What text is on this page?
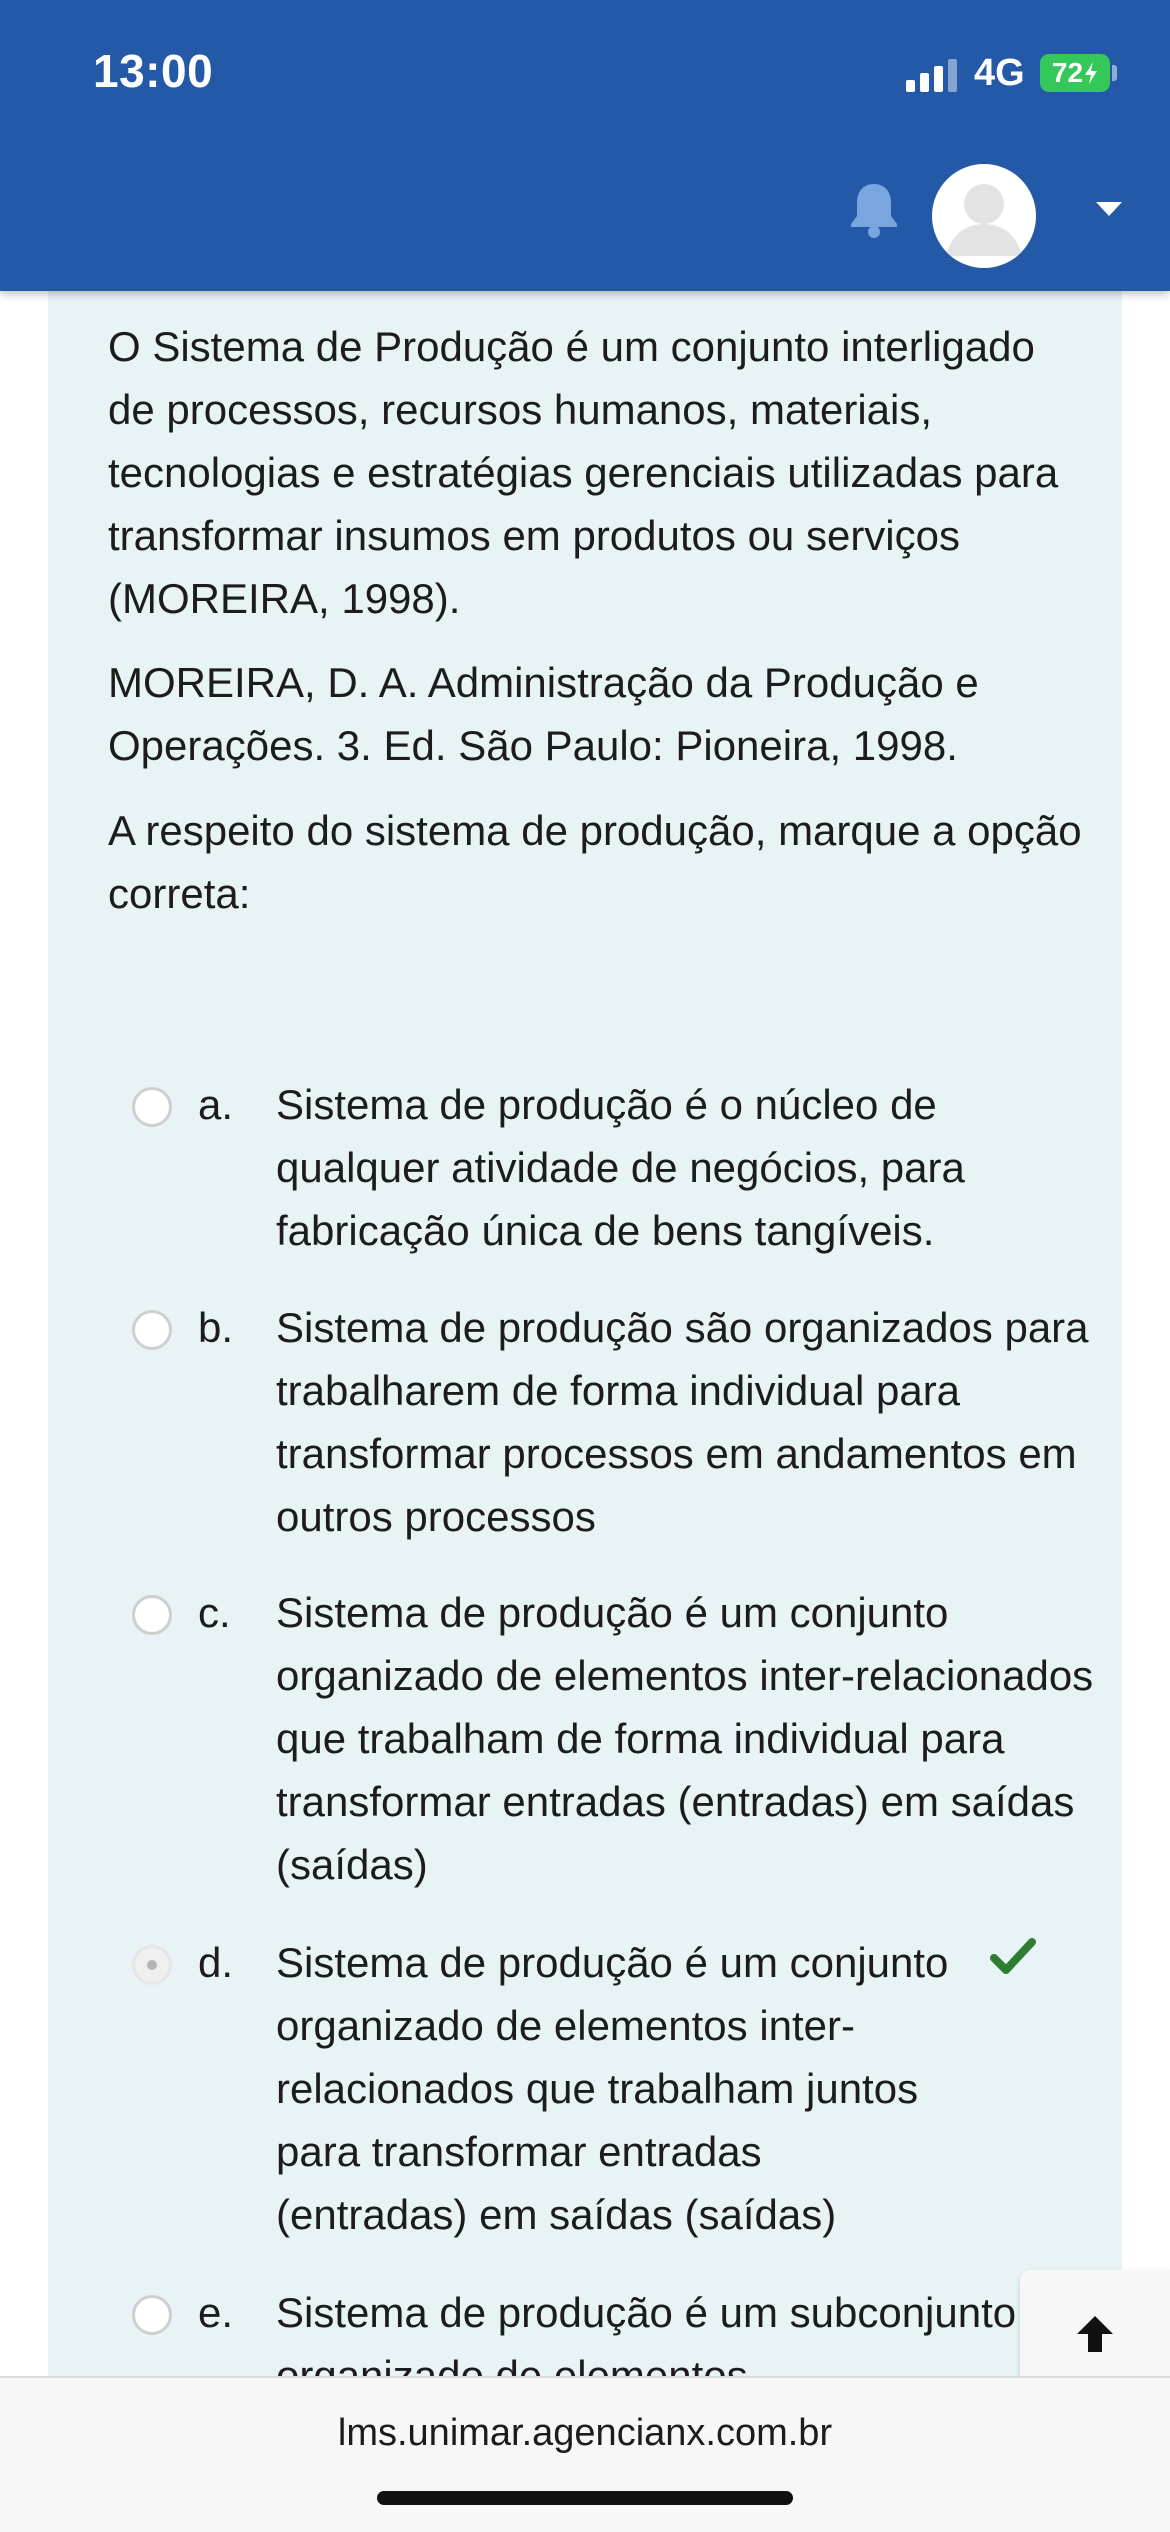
13:00	4G 72
O Sistema de Produção é um conjunto interligado de processos, recursos humanos, materiais, tecnologias e estratégias gerenciais utilizadas para transformar insumos em produtos ou serviços (MOREIRA, 1998).
MOREIRA, D. A. Administração da Produção e Operações. 3. Ed. São Paulo: Pioneira, 1998.
A respeito do sistema de produção, marque a opção correta:
a.	Sistema de produção é o núcleo de qualquer atividade de negócios, para fabricação única de bens tangíveis.
b.	Sistema de produção são organizados para trabalharem de forma individual para transformar processos em andamentos em outros processos
c.	Sistema de produção é um conjunto organizado de elementos inter-relacionados que trabalham de forma individual para transformar entradas (entradas) em saídas (saídas)
d.	Sistema de produção é um conjunto organizado de elementos inter-relacionados que trabalham juntos para transformar entradas (entradas) em saídas (saídas)
e.	Sistema de produção é um subconjunto
lms.unimar.agencianx.com.br
